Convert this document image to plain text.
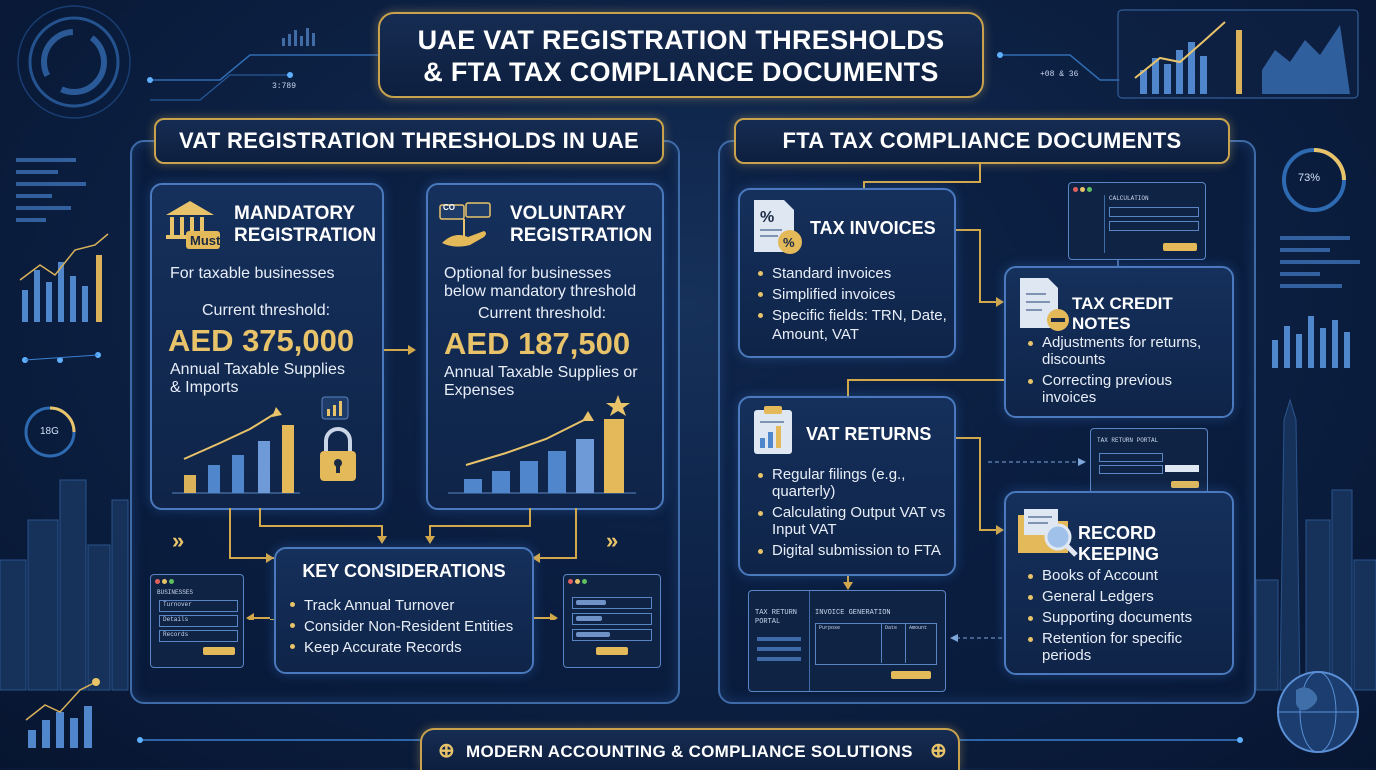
3:789
+08 & 36
73%
18G
UAE VAT REGISTRATION THRESHOLDS
& FTA TAX COMPLIANCE DOCUMENTS
VAT REGISTRATION THRESHOLDS IN UAE
Must
MANDATORY
REGISTRATION
For taxable businesses
Current threshold:
AED 375,000
Annual Taxable Supplies
& Imports
CO	VOLUNTARY
REGISTRATION
Optional for businesses
below mandatory threshold
Current threshold:
AED 187,500
Annual Taxable Supplies or
Expenses
»	»
KEY CONSIDERATIONS
Track Annual Turnover
Consider Non-Resident Entities
Keep Accurate Records
BUSINESSES
Turnover
Details
Records
FTA TAX COMPLIANCE DOCUMENTS
%
%
TAX INVOICES
Standard invoices
Simplified invoices
Specific fields: TRN, Date, Amount, VAT
CALCULATION
TAX CREDIT NOTES
Adjustments for returns, discounts
Correcting previous invoices
VAT RETURNS
Regular filings (e.g., quarterly)
Calculating Output VAT vs Input VAT
Digital submission to FTA
TAX RETURN PORTAL
RECORD KEEPING
Books of Account
General Ledgers
Supporting documents
Retention for specific periods
TAX RETURN PORTAL
INVOICE GENERATION
Purpose	Date Amount
⊕ MODERN ACCOUNTING & COMPLIANCE SOLUTIONS ⊕
